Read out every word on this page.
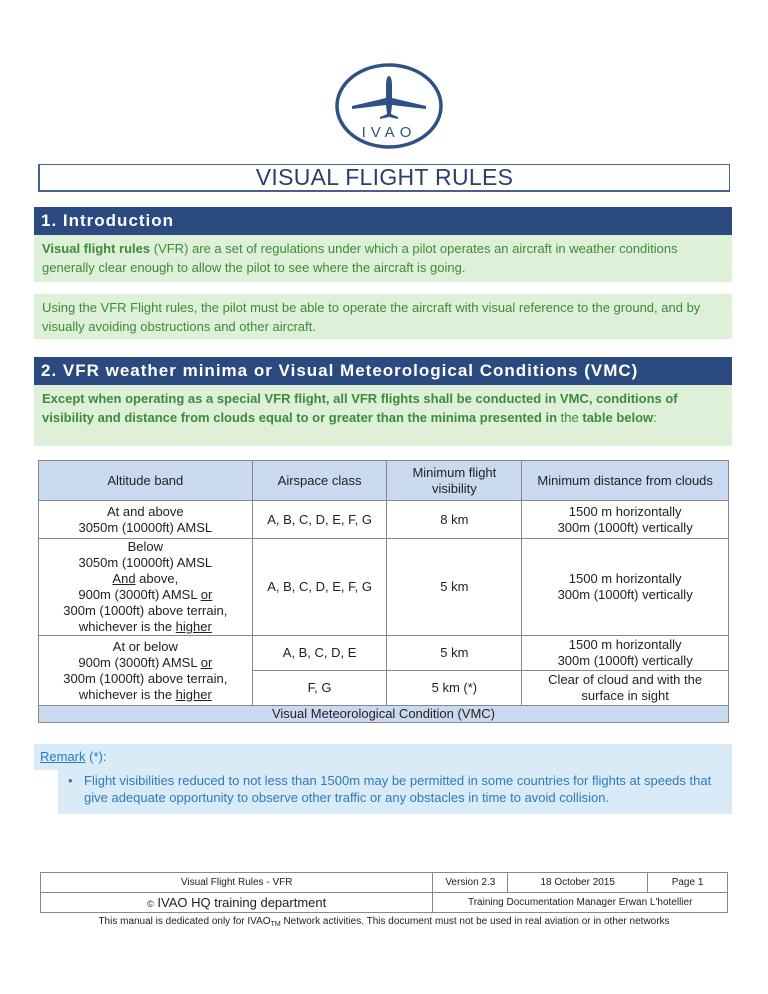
IVAO
VISUAL FLIGHT RULES
1. Introduction
Visual flight rules (VFR) are a set of regulations under which a pilot operates an aircraft in weather conditions generally clear enough to allow the pilot to see where the aircraft is going.
Using the VFR Flight rules, the pilot must be able to operate the aircraft with visual reference to the ground, and by visually avoiding obstructions and other aircraft.
2. VFR weather minima or Visual Meteorological Conditions (VMC)
Except when operating as a special VFR flight, all VFR flights shall be conducted in VMC, conditions of visibility and distance from clouds equal to or greater than the minima presented in the table below:
Altitude band	Airspace class	Minimum flight visibility	Minimum distance from clouds

At and above
3050m (10000ft) AMSL
	A, B, C, D, E, F, G	8 km	
1500 m horizontally
300m (1000ft) vertically

Below
3050m (10000ft) AMSL
And above,
900m (3000ft) AMSL or
300m (1000ft) above terrain,
whichever is the higher
	A, B, C, D, E, F, G	5 km	
1500 m horizontally
300m (1000ft) vertically

At or below
900m (3000ft) AMSL or
300m (1000ft) above terrain,
whichever is the higher
	A, B, C, D, E	5 km	
1500 m horizontally
300m (1000ft) vertically

	F, G	5 km (*)	Clear of cloud and with the
surface in sight

Visual Meteorological Condition (VMC)			
Remark (*):
• Flight visibilities reduced to not less than 1500m may be permitted in some countries for flights at speeds that give adequate opportunity to observe other traffic or any obstacles in time to avoid collision.
Visual Flight Rules - VFR	Version 2.3	18 October 2015	Page 1
© IVAO HQ training department	Training Documentation Manager Erwan L'hotellier		
This manual is dedicated only for $IVAO_{TM}$ Network activities. This document must not be used in real aviation or in other networks
